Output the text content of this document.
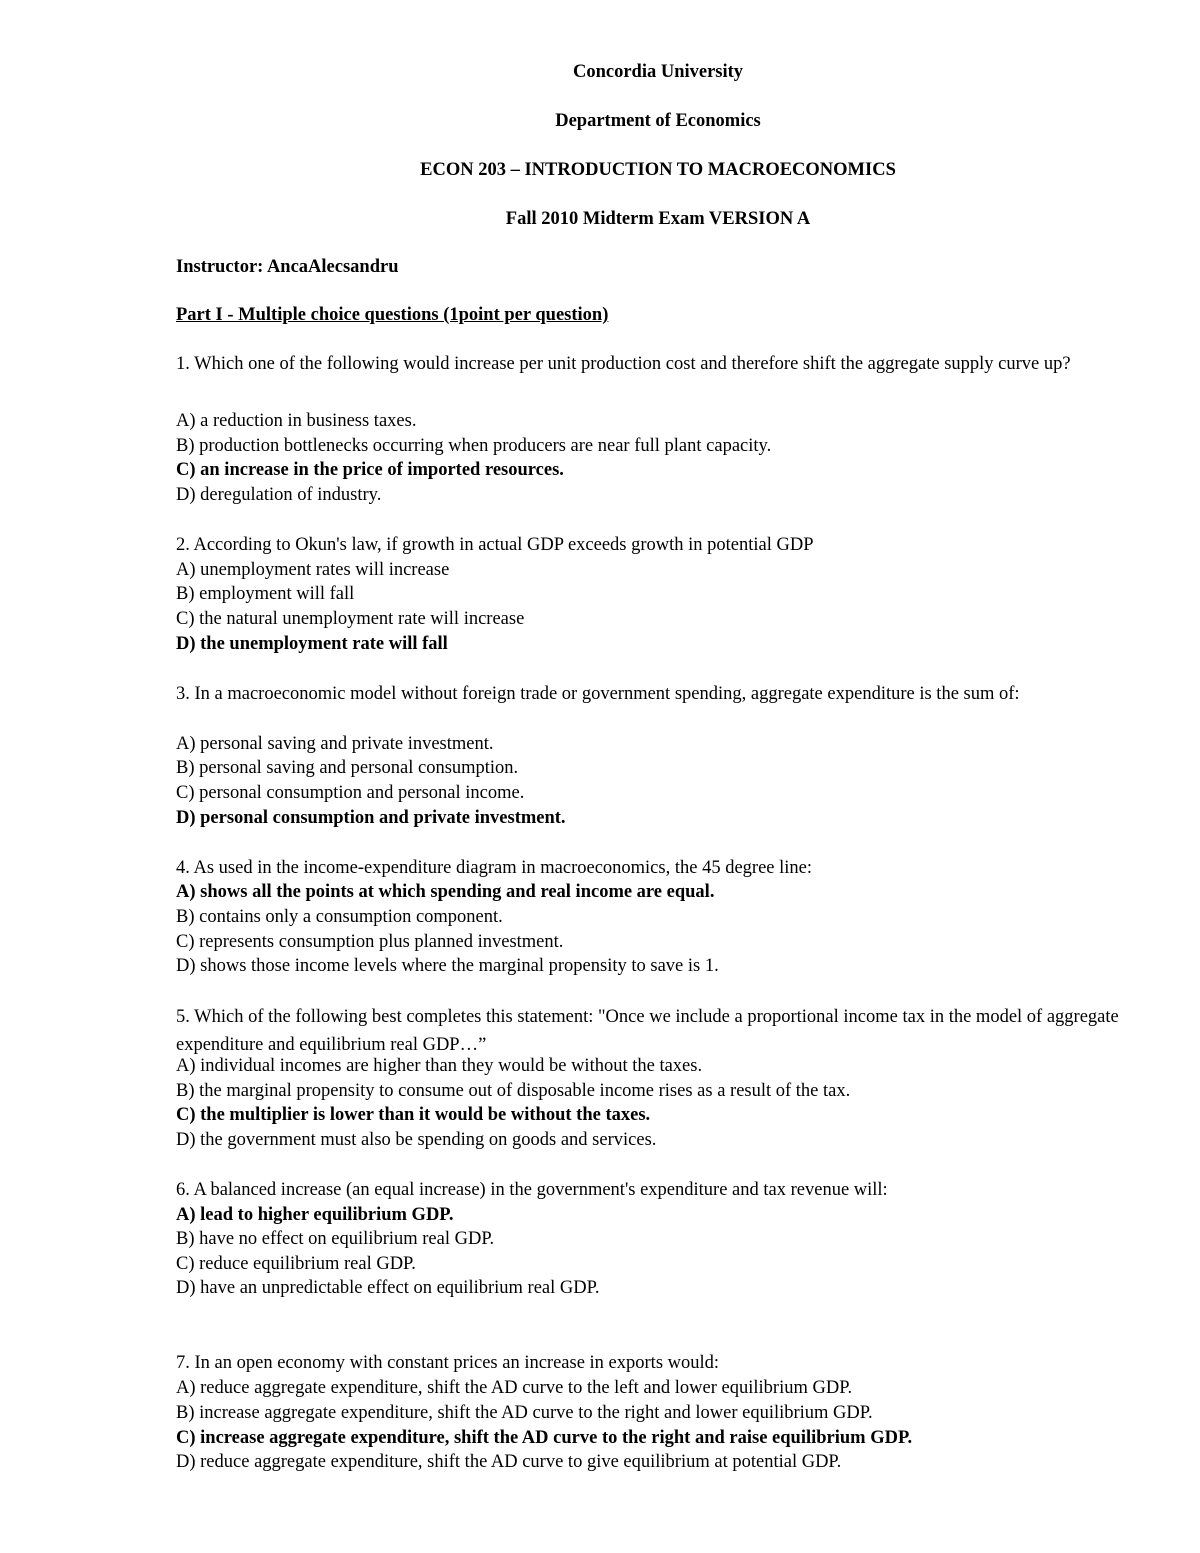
Concordia University
Department of Economics
ECON 203 – INTRODUCTION TO MACROECONOMICS
Fall 2010 Midterm Exam VERSION A
Instructor: AncaAlecsandru
Part I - Multiple choice questions (1point per question)
1. Which one of the following would increase per unit production cost and therefore shift the aggregate supply curve up?
A) a reduction in business taxes.
B) production bottlenecks occurring when producers are near full plant capacity.
C) an increase in the price of imported resources.
D) deregulation of industry.
2. According to Okun's law, if growth in actual GDP exceeds growth in potential GDP
A) unemployment rates will increase
B) employment will fall
C) the natural unemployment rate will increase
D) the unemployment rate will fall
3. In a macroeconomic model without foreign trade or government spending, aggregate expenditure is the sum of:
A) personal saving and private investment.
B) personal saving and personal consumption.
C) personal consumption and personal income.
D) personal consumption and private investment.
4. As used in the income-expenditure diagram in macroeconomics, the 45 degree line:
A) shows all the points at which spending and real income are equal.
B) contains only a consumption component.
C) represents consumption plus planned investment.
D) shows those income levels where the marginal propensity to save is 1.
5. Which of the following best completes this statement: "Once we include a proportional income tax in the model of aggregate expenditure and equilibrium real GDP…”
A) individual incomes are higher than they would be without the taxes.
B) the marginal propensity to consume out of disposable income rises as a result of the tax.
C) the multiplier is lower than it would be without the taxes.
D) the government must also be spending on goods and services.
6. A balanced increase (an equal increase) in the government's expenditure and tax revenue will:
A) lead to higher equilibrium GDP.
B) have no effect on equilibrium real GDP.
C) reduce equilibrium real GDP.
D) have an unpredictable effect on equilibrium real GDP.
7. In an open economy with constant prices an increase in exports would:
A) reduce aggregate expenditure, shift the AD curve to the left and lower equilibrium GDP.
B) increase aggregate expenditure, shift the AD curve to the right and lower equilibrium GDP.
C) increase aggregate expenditure, shift the AD curve to the right and raise equilibrium GDP.
D) reduce aggregate expenditure, shift the AD curve to give equilibrium at potential GDP.
